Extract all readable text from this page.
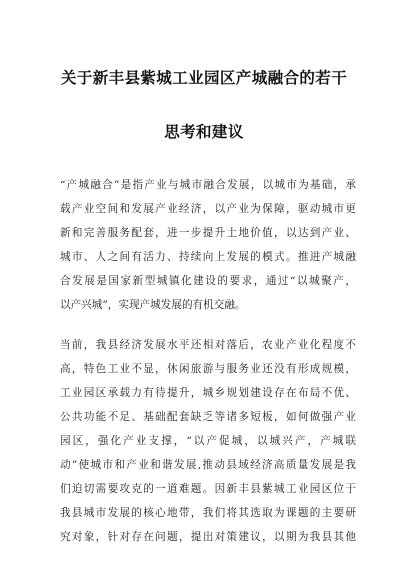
关于新丰县紫城工业园区产城融合的若干
思考和建议
“产城融合”是指产业与城市融合发展，以城市为基础，承
载产业空间和发展产业经济，以产业为保障，驱动城市更
新和完善服务配套，进一步提升土地价值，以达到产业、
城市、人之间有活力、持续向上发展的模式。推进产城融
合发展是国家新型城镇化建设的要求，通过“以城聚产，
以产兴城”，实现产城发展的有机交融。
当前，我县经济发展水平还相对落后，农业产业化程度不
高，特色工业不显，休闲旅游与服务业还没有形成规模，
工业园区承载力有待提升，城乡规划建设存在布局不优、
公共功能不足、基础配套缺乏等诸多短板，如何做强产业
园区，强化产业支撑，“以产促城，以城兴产，产城联
动”使城市和产业和谐发展,推动县域经济高质量发展是我
们迫切需要攻克的一道难题。因新丰县紫城工业园区位于
我县城市发展的核心地带，我们将其选取为课题的主要研
究对象，针对存在问题，提出对策建议，以期为我县其他
